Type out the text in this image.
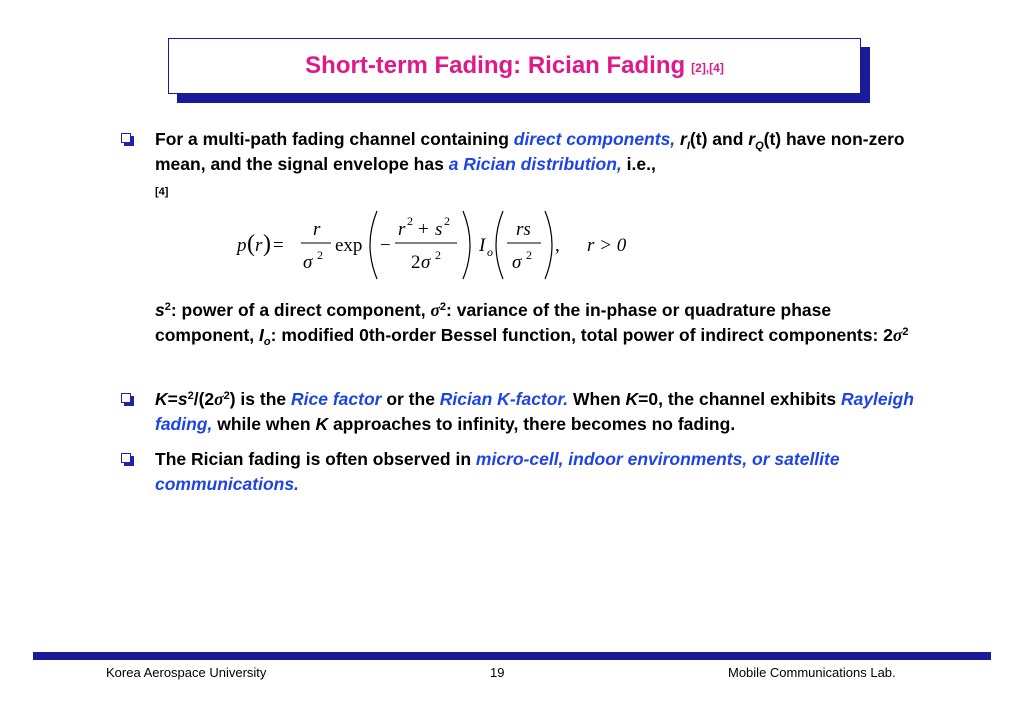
Short-term Fading: Rician Fading [2],[4]
For a multi-path fading channel containing direct components, $r_I(t)$ and $r_Q(t)$ have non-zero mean, and the signal envelope has a Rician distribution, i.e.,
[4]
p ( r ) =
r
σ 2 exp −
r 2 + s 2
2 σ 2 I o
rs
σ 2 , r > 0
$s^2$: power of a direct component, $\sigma^2$: variance of the in-phase or quadrature phase component, $I_o$: modified 0th-order Bessel function, total power of indirect components: $2\sigma^2$
$K=s^2/(2\sigma^2)$ is the Rice factor or the Rician K-factor. When K=0, the channel exhibits Rayleigh fading, while when K approaches to infinity, there becomes no fading.
The Rician fading is often observed in micro-cell, indoor environments, or satellite communications.
Korea Aerospace University	19	Mobile Communications Lab.
